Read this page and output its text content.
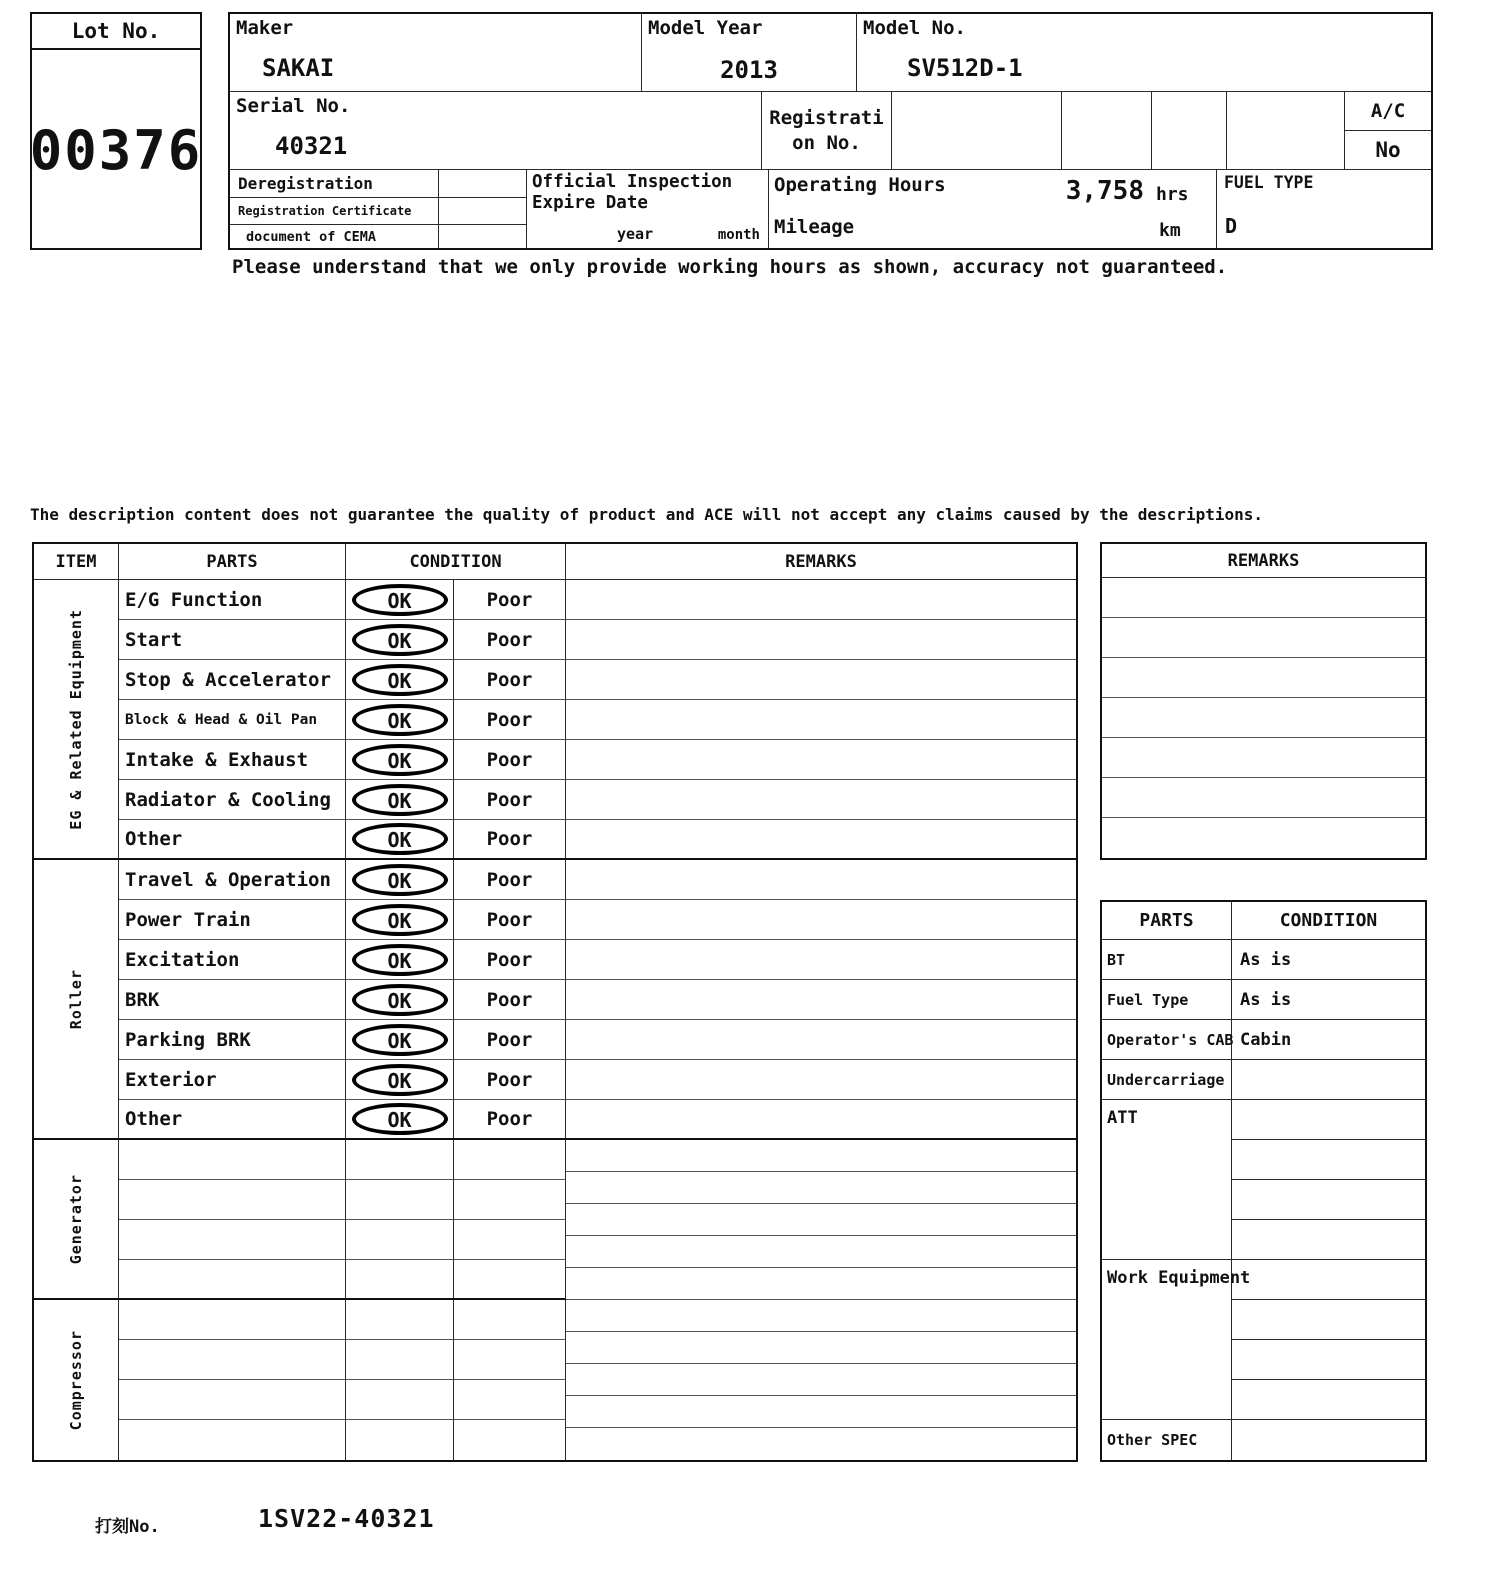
Lot No.
00376
Maker
SAKAI
Model Year
2013
Model No.
SV512D-1
Serial No.
40321
Registration No.
A/C
No
Deregistration
Registration Certificate
document of CEMA
Official Inspection Expire Date
year	month
Operating Hours	3,758 hrs
Mileage	km
FUEL TYPE
D
Please understand that we only provide working hours as shown, accuracy not guaranteed.
The description content does not guarantee the quality of product and ACE will not accept any claims caused by the descriptions.
ITEM	PARTS	CONDITION	REMARKS
EG & Related Equipment
E/G Function	OK	Poor
Start	OK	Poor
Stop & Accelerator	OK	Poor
Block & Head & Oil Pan	OK	Poor
Intake & Exhaust	OK	Poor
Radiator & Cooling	OK	Poor
Other	OK	Poor
Roller
Travel & Operation	OK	Poor
Power Train	OK	Poor
Excitation	OK	Poor
BRK	OK	Poor
Parking BRK	OK	Poor
Exterior	OK	Poor
Other	OK	Poor
Generator
Compressor
REMARKS
PARTS	CONDITION
BT	As is
Fuel Type	As is
Operator's CAB Cabin
Undercarriage
ATT
Work Equipment
Other SPEC
打刻No.	1SV22-40321
